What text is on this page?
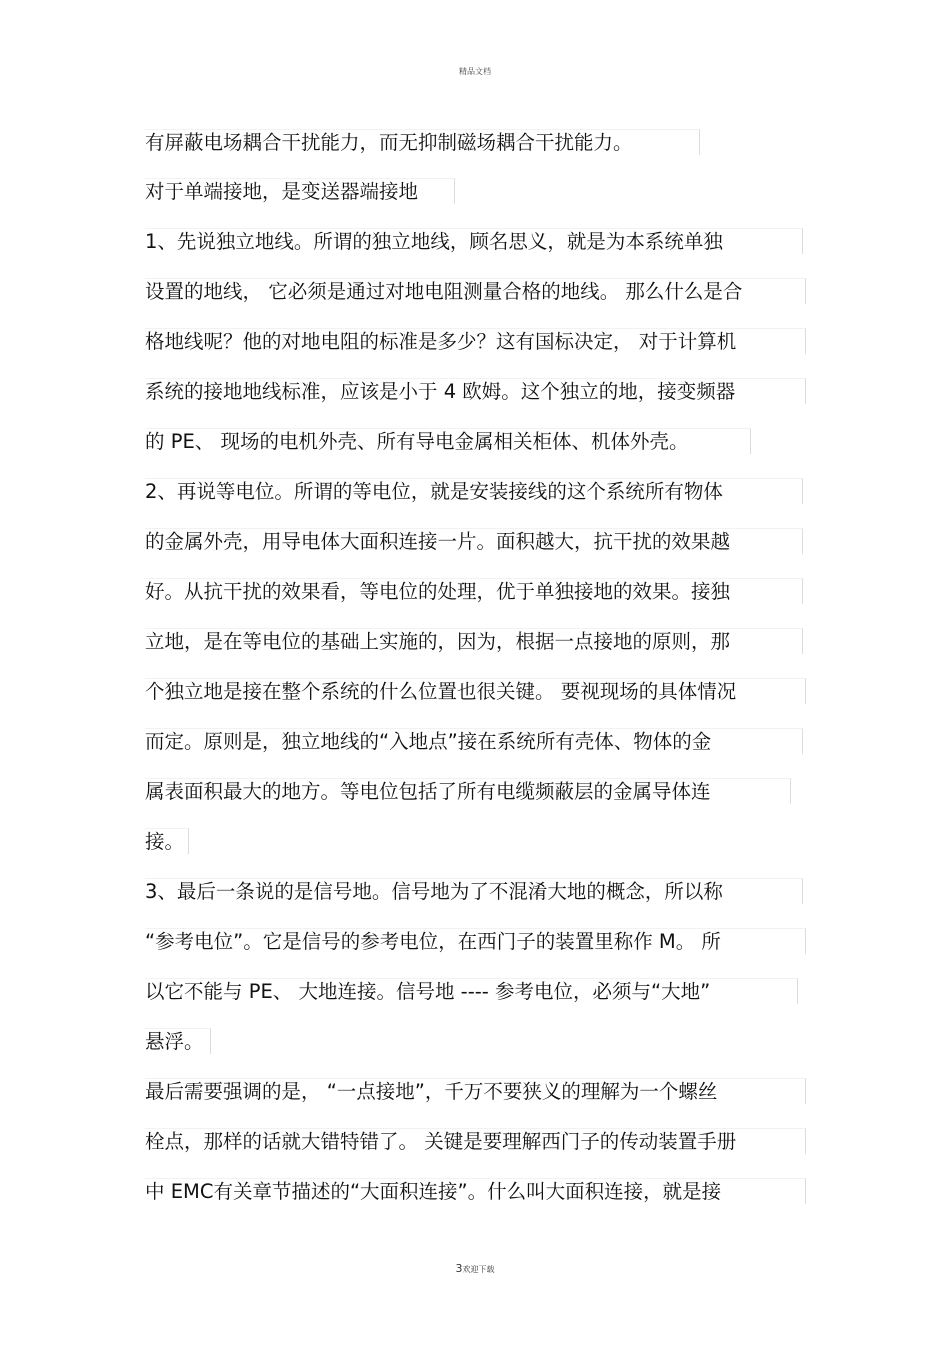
精品文档
有屏蔽电场耦合干扰能力，而无抑制磁场耦合干扰能力。
对于单端接地，是变送器端接地
1、先说独立地线。所谓的独立地线，顾名思义，就是为本系统单独
设置的地线， 它必须是通过对地电阻测量合格的地线。 那么什么是合
格地线呢？他的对地电阻的标准是多少？这有国标决定， 对于计算机
系统的接地地线标准，应该是小于 4 欧姆。这个独立的地，接变频器
的 PE、 现场的电机外壳、所有导电金属相关柜体、机体外壳。
2、再说等电位。所谓的等电位，就是安装接线的这个系统所有物体
的金属外壳，用导电体大面积连接一片。面积越大，抗干扰的效果越
好。从抗干扰的效果看，等电位的处理，优于单独接地的效果。接独
立地，是在等电位的基础上实施的，因为，根据一点接地的原则，那
个独立地是接在整个系统的什么位置也很关键。 要视现场的具体情况
而定。原则是，独立地线的“入地点”接在系统所有壳体、物体的金
属表面积最大的地方。等电位包括了所有电缆频蔽层的金属导体连
接。
3、最后一条说的是信号地。信号地为了不混淆大地的概念，所以称
“参考电位”。它是信号的参考电位，在西门子的装置里称作 M。 所
以它不能与 PE、 大地连接。信号地 ---- 参考电位，必须与“大地”
悬浮。
最后需要强调的是， “一点接地”，千万不要狭义的理解为一个螺丝
栓点，那样的话就大错特错了。 关键是要理解西门子的传动装置手册
中 EMC有关章节描述的“大面积连接”。什么叫大面积连接，就是接
3欢迎下载
